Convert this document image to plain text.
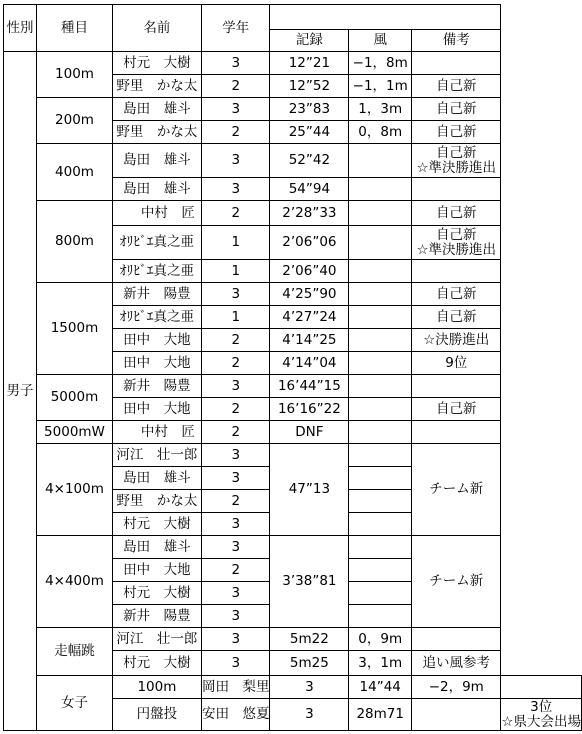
性別	種目	名前	学年				
				記録	風	備考	
男子	100m	村元　大樹	3	12”21	−1，8m		
		野里　かな太	2	12”52	−1，1m	自己新	
	200m	島田　雄斗	3	23”83	1，3m	自己新	
		野里　かな太	2	25”44	0，8m	自己新	
	400m	島田　雄斗	3	52”42		自己新
☆準決勝進出	

		島田　雄斗	3	54”94			
	800m	中村　匠	2	2’28”33		自己新	
		ｵﾘﾋﾞｴ真之亜	1	2’06”06		自己新
☆準決勝進出	

		ｵﾘﾋﾞｴ真之亜	1	2’06”40			
	1500m	新井　陽豊	3	4’25”90		自己新	
		ｵﾘﾋﾞｴ真之亜	1	4’27”24		自己新	
		田中　大地	2	4’14”25		☆決勝進出	
		田中　大地	2	4’14”04		9位	
	5000m	新井　陽豊	3	16’44”15			
		田中　大地	2	16’16”22		自己新	
	5000mW	中村　匠	2	DNF			
	4×100m	河江　壮一郎	3	47”13		チーム新	
		島田　雄斗	3				
		野里　かな太	2				
		村元　大樹	3				
	4×400m	島田　雄斗	3	3’38”81		チーム新	
		田中　大地	2				
		村元　大樹	3				
		新井　陽豊	3				
	走幅跳	河江　壮一郎	3	5m22	0，9m		
		村元　大樹	3	5m25	3，1m	追い風参考	
	女子	100m	岡田　梨里	3	14”44	−2，9m	
		円盤投	安田　悠夏	3	28m71		3位
☆県大会出場
